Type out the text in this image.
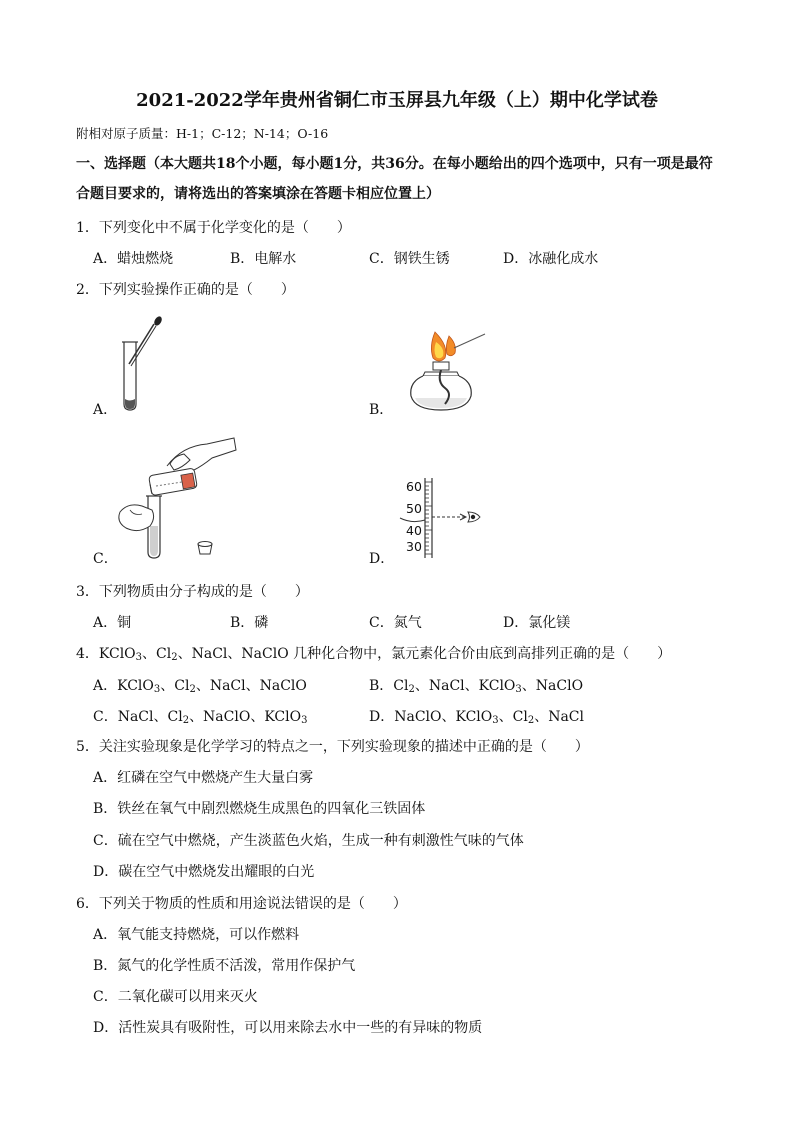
2021-2022学年贵州省铜仁市玉屏县九年级（上）期中化学试卷
附相对原子质量：H-1；C-12；N-14；O-16
一、选择题（本大题共18个小题，每小题1分，共36分。在每小题给出的四个选项中，只有一项是最符
合题目要求的，请将选出的答案填涂在答题卡相应位置上）
1．下列变化中不属于化学变化的是（　　）
A．蜡烛燃烧	B．电解水	C．钢铁生锈	D．冰融化成水
2．下列实验操作正确的是（　　）
A．	B．
C．	D．
60
50
40
30
3．下列物质由分子构成的是（　　）
A．铜	B．磷	C．氮气	D．氯化镁
4．KClO$_3$、$Cl_2$、NaCl、NaClO 几种化合物中，氯元素化合价由底到高排列正确的是（　　）
A．KClO$_3$、$Cl_2$、NaCl、NaClO	B．$Cl_2$、NaCl、KClO$_3$、NaClO
C．NaCl、$Cl_2$、NaClO、KClO$_3$	D．NaClO、KClO$_3$、$Cl_2$、NaCl
5．关注实验现象是化学学习的特点之一，下列实验现象的描述中正确的是（　　）
A．红磷在空气中燃烧产生大量白雾
B．铁丝在氧气中剧烈燃烧生成黑色的四氧化三铁固体
C．硫在空气中燃烧，产生淡蓝色火焰，生成一种有刺激性气味的气体
D．碳在空气中燃烧发出耀眼的白光
6．下列关于物质的性质和用途说法错误的是（　　）
A．氧气能支持燃烧，可以作燃料
B．氮气的化学性质不活泼，常用作保护气
C．二氧化碳可以用来灭火
D．活性炭具有吸附性，可以用来除去水中一些的有异味的物质
